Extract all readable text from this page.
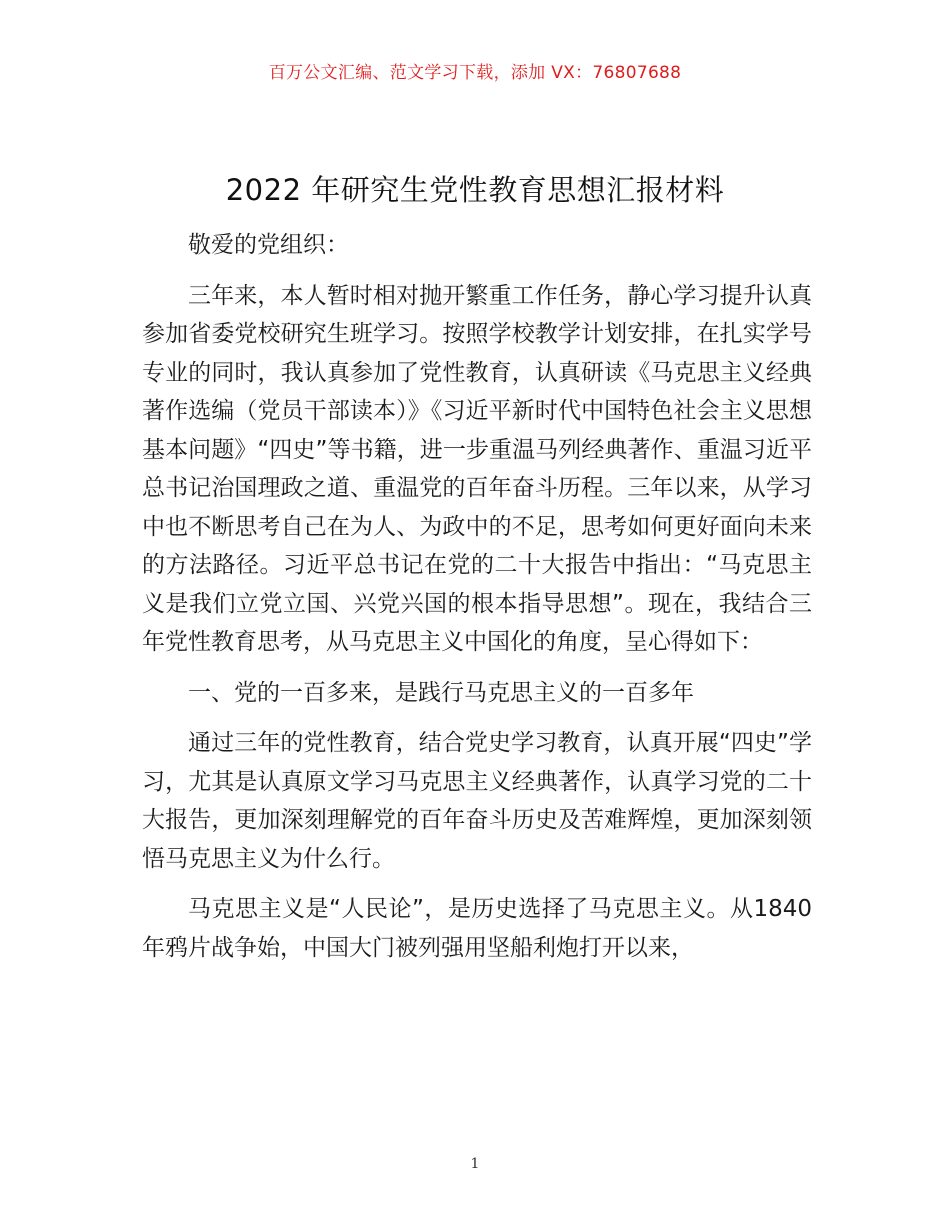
百万公文汇编、范文学习下载，添加 VX：76807688
2022 年研究生党性教育思想汇报材料

敬爱的党组织：

三年来，本人暂时相对抛开繁重工作任务，静心学习提升认真参加省委党校研究生班学习。按照学校教学计划安排，在扎实学号专业的同时，我认真参加了党性教育，认真研读《马克思主义经典著作选编（党员干部读本）》《习近平新时代中国特色社会主义思想基本问题》“四史”等书籍，进一步重温马列经典著作、重温习近平总书记治国理政之道、重温党的百年奋斗历程。三年以来，从学习中也不断思考自己在为人、为政中的不足，思考如何更好面向未来的方法路径。习近平总书记在党的二十大报告中指出：“马克思主义是我们立党立国、兴党兴国的根本指导思想”。现在，我结合三年党性教育思考，从马克思主义中国化的角度，呈心得如下：

一、党的一百多来，是践行马克思主义的一百多年

通过三年的党性教育，结合党史学习教育，认真开展“四史”学习，尤其是认真原文学习马克思主义经典著作，认真学习党的二十大报告，更加深刻理解党的百年奋斗历史及苦难辉煌，更加深刻领悟马克思主义为什么行。

马克思主义是“人民论”，是历史选择了马克思主义。从1840 年鸦片战争始，中国大门被列强用坚船利炮打开以来，

1
